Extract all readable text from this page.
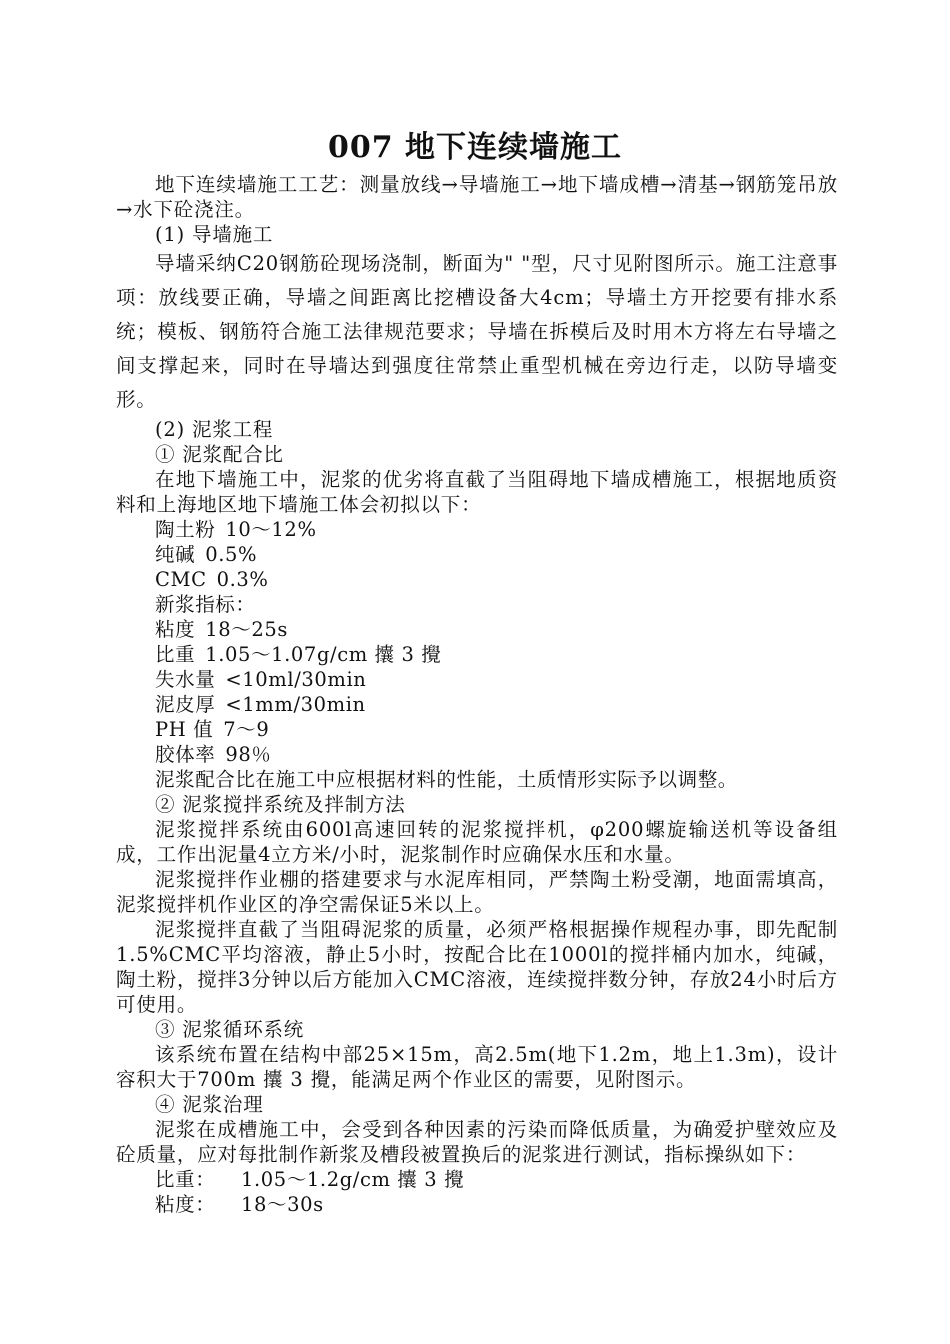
007 地下连续墙施工

地下连续墙施工工艺：测量放线→导墙施工→地下墙成槽→清基→钢筋笼吊放→水下砼浇注。

(1) 导墙施工

导墙采纳C20钢筋砼现场浇制，断面为" "型，尺寸见附图所示。施工注意事项：放线要正确，导墙之间距离比挖槽设备大4cm；导墙土方开挖要有排水系统；模板、钢筋符合施工法律规范要求；导墙在拆模后及时用木方将左右导墙之间支撑起来，同时在导墙达到强度往常禁止重型机械在旁边行走，以防导墙变形。

(2) 泥浆工程

① 泥浆配合比

在地下墙施工中，泥浆的优劣将直截了当阻碍地下墙成槽施工，根据地质资料和上海地区地下墙施工体会初拟以下：

陶土粉 10～12%

纯碱 0.5%

CMC 0.3%

新浆指标：

粘度 18～25s

比重 1.05～1.07g/cm 攮 3 攪

失水量 <10ml/30min

泥皮厚 <1mm/30min

PH 值 7～9

胶体率 98％

泥浆配合比在施工中应根据材料的性能，土质情形实际予以调整。

② 泥浆搅拌系统及拌制方法

泥浆搅拌系统由600l高速回转的泥浆搅拌机，φ200螺旋输送机等设备组成，工作出泥量4立方米/小时，泥浆制作时应确保水压和水量。

泥浆搅拌作业棚的搭建要求与水泥库相同，严禁陶土粉受潮，地面需填高，泥浆搅拌机作业区的净空需保证5米以上。

泥浆搅拌直截了当阻碍泥浆的质量，必须严格根据操作规程办事，即先配制1.5%CMC平均溶液，静止5小时，按配合比在1000l的搅拌桶内加水，纯碱，陶土粉，搅拌3分钟以后方能加入CMC溶液，连续搅拌数分钟，存放24小时后方可使用。

③ 泥浆循环系统

该系统布置在结构中部25×15m，高2.5m(地下1.2m，地上1.3m)，设计容积大于700m 攮 3 攪，能满足两个作业区的需要，见附图示。

④ 泥浆治理

泥浆在成槽施工中，会受到各种因素的污染而降低质量，为确爱护壁效应及砼质量，应对每批制作新浆及槽段被置换后的泥浆进行测试，指标操纵如下：

比重： 1.05～1.2g/cm 攮 3 攪

粘度： 18～30s
